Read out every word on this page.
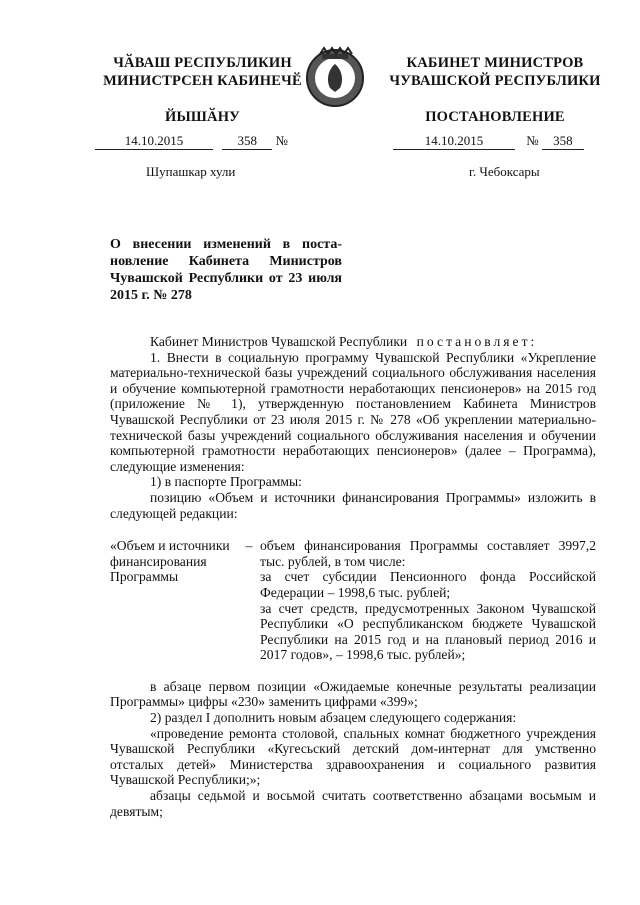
ЧӐВАШ РЕСПУБЛИКИН
МИНИСТРСЕН КАБИНЕЧӖ
ЙЫШӐНУ
КАБИНЕТ МИНИСТРОВ
ЧУВАШСКОЙ РЕСПУБЛИКИ
ПОСТАНОВЛЕНИЕ
14.10.2015	358 №	14.10.2015	№ 358
Шупашкар хули	г. Чебоксары
О внесении изменений в поста-
новление Кабинета Министров
Чувашской Республики от 23 июля
2015 г. № 278

Кабинет Министров Чувашской Республики постановляет:

1. Внести в социальную программу Чувашской Республики «Укрепление материально-технической базы учреждений социального обслуживания населения и обучение компьютерной грамотности неработающих пенсионеров» на 2015 год (приложение № 1), утвержденную постановлением Кабинета Министров Чувашской Республики от 23 июля 2015 г. № 278 «Об укреплении материально-технической базы учреждений социального обслуживания населения и обучении компьютерной грамотности неработающих пенсионеров» (далее – Программа), следующие изменения:

1) в паспорте Программы:

позицию «Объем и источники финансирования Программы» изложить в следующей редакции:

«Объем и источники финансирования Программы
– объем финансирования Программы составляет 3997,2 тыс. рублей, в том числе:

за счет субсидии Пенсионного фонда Российской Федерации – 1998,6 тыс. рублей;

за счет средств, предусмотренных Законом Чувашской Республики «О республиканском бюджете Чувашской Республики на 2015 год и на плановый период 2016 и 2017 годов», – 1998,6 тыс. рублей»;

в абзаце первом позиции «Ожидаемые конечные результаты реализации Программы» цифры «230» заменить цифрами «399»;

2) раздел I дополнить новым абзацем следующего содержания:

«проведение ремонта столовой, спальных комнат бюджетного учреждения Чувашской Республики «Кугесьский детский дом-интернат для умственно отсталых детей» Министерства здравоохранения и социального развития Чувашской Республики;»;

абзацы седьмой и восьмой считать соответственно абзацами восьмым и девятым;
